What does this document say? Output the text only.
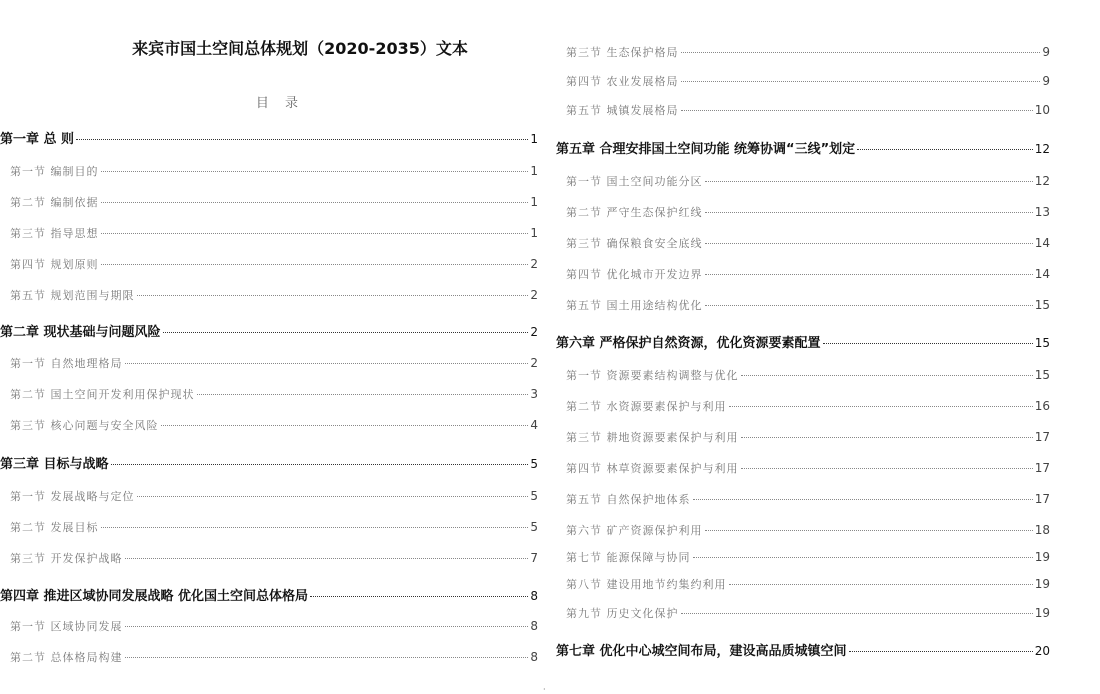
来宾市国土空间总体规划（2020-2035）文本
目 录
第一章 总 则	1
第一节 编制目的	1
第二节 编制依据	1
第三节 指导思想	1
第四节 规划原则	2
第五节 规划范围与期限	2
第二章 现状基础与问题风险	2
第一节 自然地理格局	2
第二节 国土空间开发利用保护现状	3
第三节 核心问题与安全风险	4
第三章 目标与战略	5
第一节 发展战略与定位	5
第二节 发展目标	5
第三节 开发保护战略	7
第四章 推进区域协同发展战略 优化国土空间总体格局	8
第一节 区域协同发展	8
第二节 总体格局构建	8
第三节 生态保护格局	9
第四节 农业发展格局	9
第五节 城镇发展格局	10
第五章 合理安排国土空间功能 统筹协调“三线”划定	12
第一节 国土空间功能分区	12
第二节 严守生态保护红线	13
第三节 确保粮食安全底线	14
第四节 优化城市开发边界	14
第五节 国土用途结构优化	15
第六章 严格保护自然资源，优化资源要素配置	15
第一节 资源要素结构调整与优化	15
第二节 水资源要素保护与利用	16
第三节 耕地资源要素保护与利用	17
第四节 林草资源要素保护与利用	17
第五节 自然保护地体系	17
第六节 矿产资源保护利用	18
第七节 能源保障与协同	19
第八节 建设用地节约集约利用	19
第九节 历史文化保护	19
第七章 优化中心城空间布局，建设高品质城镇空间	20
·
